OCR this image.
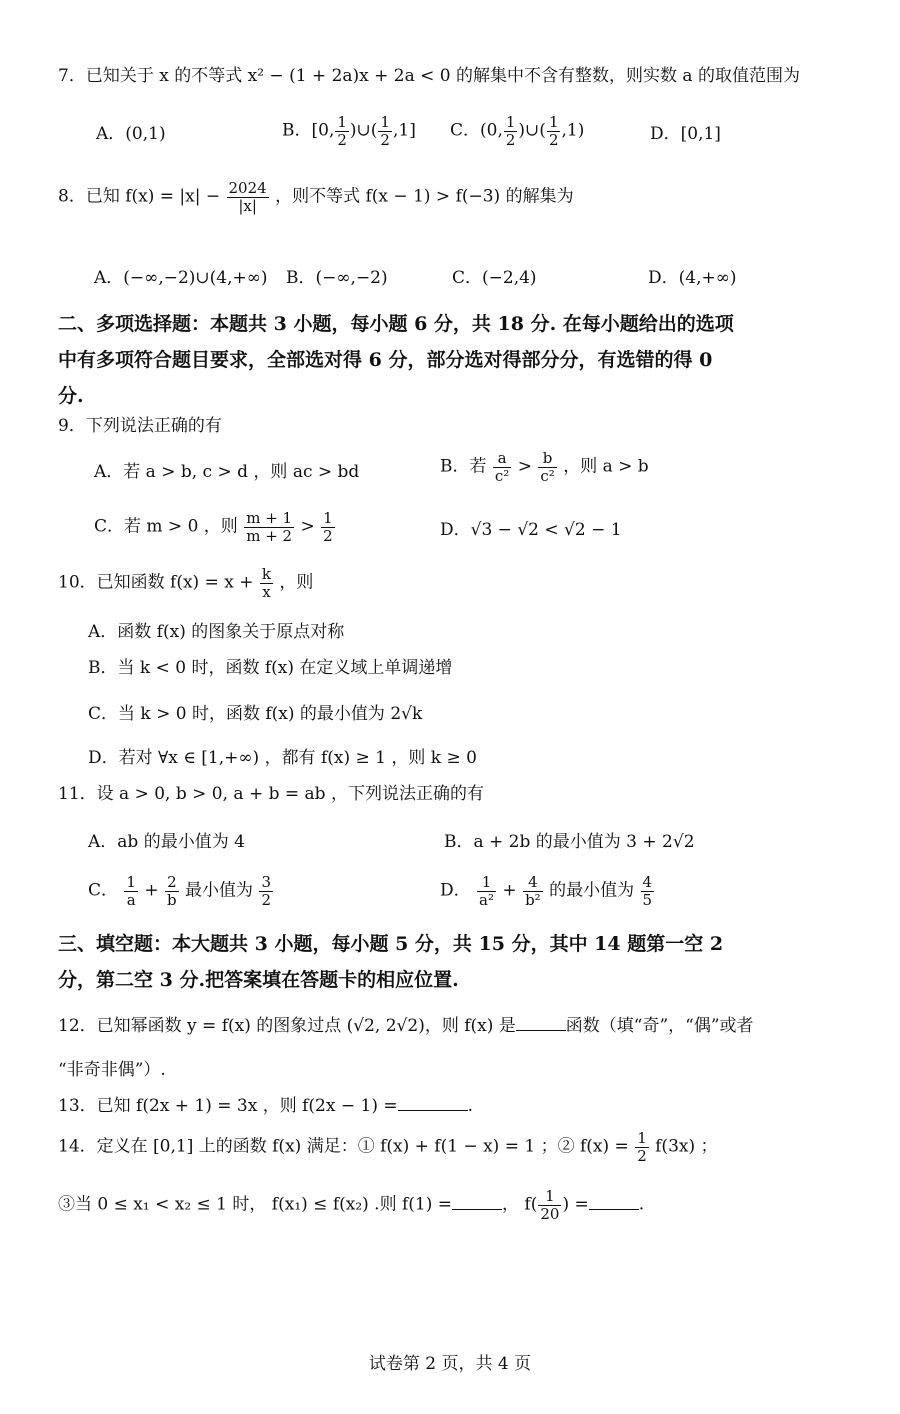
7．已知关于 x 的不等式 x² − (1 + 2a)x + 2a < 0 的解集中不含有整数，则实数 a 的取值范围为
A．(0,1)	B．[0, $\frac{1}{2}$ )∪( $\frac{1}{2} ,1$] C．(0, $\frac{1}{2}$ )∪( $\frac{1}{2} ,1$)	D．[0,1]
8．已知 $f(x) = |x| - \frac{2024}{|x|}$ ，则不等式 f(x − 1) > f(−3) 的解集为
A．(−∞,−2)∪(4,+∞) B．(−∞,−2)	C．(−2,4)	D．(4,+∞)
二、多项选择题：本题共 3 小题，每小题 6 分，共 18 分. 在每小题给出的选项
中有多项符合题目要求，全部选对得 6 分，部分选对得部分分，有选错的得 0
分.
9．下列说法正确的有
A．若 a > b, c > d ，则 ac > bd	B．若 $\frac{a}{\text{c²}} > \frac{b}{\text{c²}}$ ，则 a > b
C．若 m > 0 ，则 $\frac{m + 1}{m + 2} > \frac{1}{2}$	D．√3 − √2 < √2 − 1
10．已知函数 $f(x) = x + \frac{k}{x}$ ，则
A．函数 f(x) 的图象关于原点对称
B．当 k < 0 时，函数 f(x) 在定义域上单调递增
C．当 k > 0 时，函数 f(x) 的最小值为 2√k
D．若对 ∀x ∈ [1,+∞) ，都有 f(x) ≥ 1 ，则 k ≥ 0
11．设 a > 0, b > 0, a + b = ab ，下列说法正确的有
A．ab 的最小值为 4	B．a + 2b 的最小值为 3 + 2√2
C． $\frac{1}{a} + \frac{2}{b}$ 最小值为 $\frac{3}{2}$	D． $\frac{1}{\text{a²}} + \frac{4}{\text{b²}}$ 的最小值为 $\frac{4}{5}$
三、填空题：本大题共 3 小题，每小题 5 分，共 15 分，其中 14 题第一空 2
分，第二空 3 分.把答案填在答题卡的相应位置.
12．已知幂函数 y = f(x) 的图象过点 (√2, 2√2)，则 f(x) 是	函数（填“奇”，“偶”或者
“非奇非偶”）.
13．已知 f(2x + 1) = 3x ，则 f(2x − 1) =	.
14．定义在 [0,1] 上的函数 f(x) 满足：① f(x) + f(1 − x) = 1 ；② $f(x) = \frac{1}{2} f(3x)$ ；
③当 0 ≤ x₁ < x₂ ≤ 1 时， f(x₁) ≤ f(x₂) .则 f(1) =	， $f( \frac{1}{20}$ ) =	.
试卷第 2 页，共 4 页
